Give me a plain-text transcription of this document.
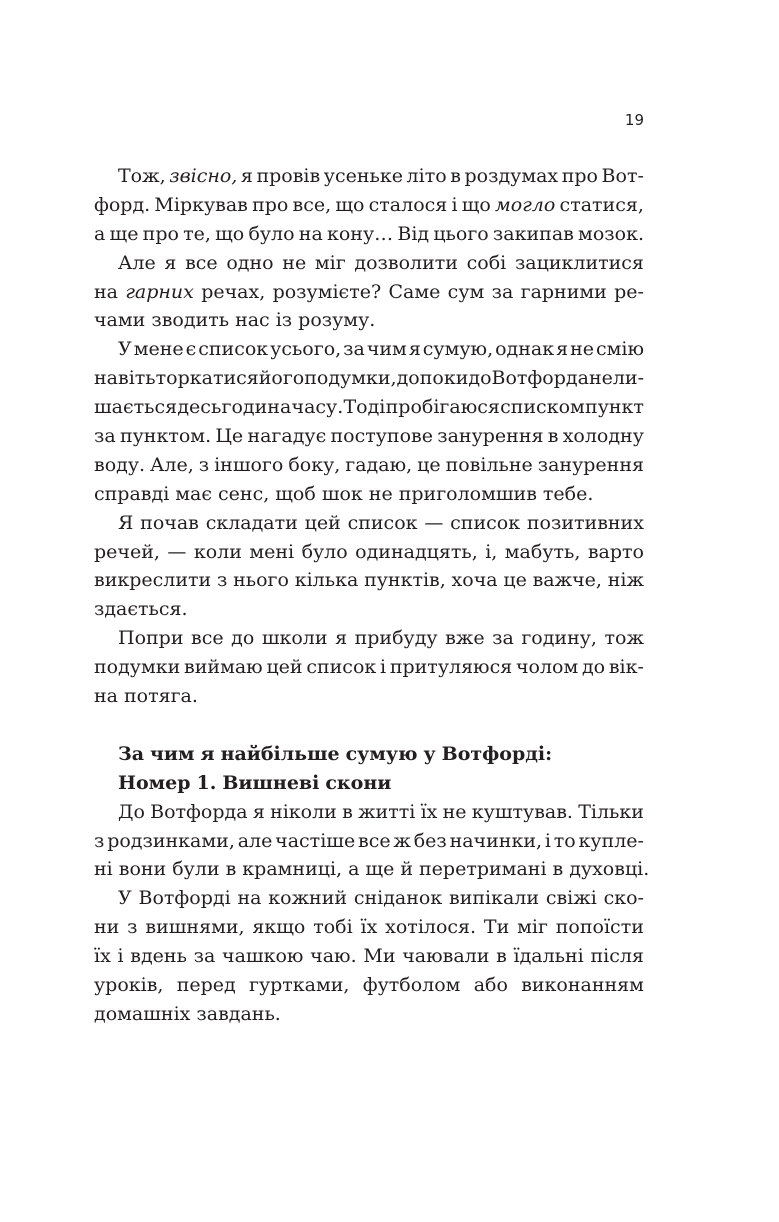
19
Тож, звісно, я провів усеньке літо в роздумах про Вот-
форд. Міркував про все, що сталося і що могло статися,
а ще про те, що було на кону… Від цього закипав мозок.
Але я все одно не міг дозволити собі зациклитися
на гарних речах, розумієте? Саме сум за гарними ре-
чами зводить нас із розуму.
У мене є список усього, за чим я сумую, однак я не смію
навіть торкатися його подумки, допоки до Вотфорда не ли-
шається десь година часу. Тоді пробігаюся списком пункт
за пунктом. Це нагадує поступове занурення в холодну
воду. Але, з іншого боку, гадаю, це повільне занурення
справді має сенс, щоб шок не приголомшив тебе.
Я почав складати цей список — список позитивних
речей, — коли мені було одинадцять, і, мабуть, варто
викреслити з нього кілька пунктів, хоча це важче, ніж
здається.
Попри все до школи я прибуду вже за годину, тож
подумки виймаю цей список і притуляюся чолом до вік-
на потяга.
За чим я найбільше сумую у Вотфорді:
Номер 1. Вишневі скони
До Вотфорда я ніколи в житті їх не куштував. Тільки
з родзинками, але частіше все ж без начинки, і то купле-
ні вони були в крамниці, а ще й перетримані в духовці.
У Вотфорді на кожний сніданок випікали свіжі ско-
ни з вишнями, якщо тобі їх хотілося. Ти міг попоїсти
їх і вдень за чашкою чаю. Ми чаювали в їдальні після
уроків, перед гуртками, футболом або виконанням
домашніх завдань.
